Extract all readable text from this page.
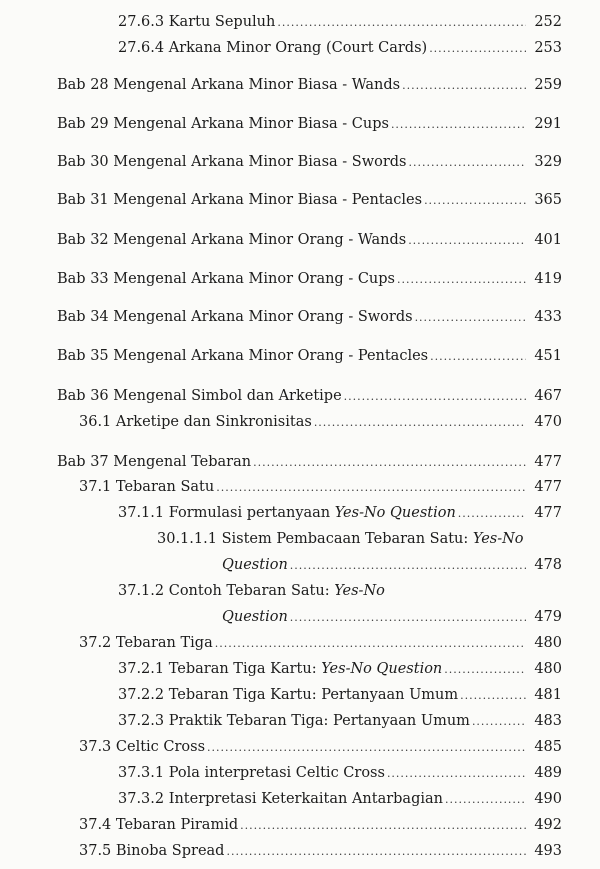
27.6.3 Kartu Sepuluh .....	252
27.6.4 Arkana Minor Orang (Court Cards) .....	253
Bab 28 Mengenal Arkana Minor Biasa - Wands .....	259
Bab 29 Mengenal Arkana Minor Biasa - Cups .....	291
Bab 30 Mengenal Arkana Minor Biasa - Swords .....	329
Bab 31 Mengenal Arkana Minor Biasa - Pentacles .....	365
Bab 32 Mengenal Arkana Minor Orang - Wands .....	401
Bab 33 Mengenal Arkana Minor Orang - Cups .....	419
Bab 34 Mengenal Arkana Minor Orang - Swords .....	433
Bab 35 Mengenal Arkana Minor Orang - Pentacles .....	451
Bab 36 Mengenal Simbol dan Arketipe .....	467
36.1 Arketipe dan Sinkronisitas .....	470
Bab 37 Mengenal Tebaran .....	477
37.1 Tebaran Satu .....	477
37.1.1 Formulasi pertanyaan Yes-No Question .....	477
30.1.1.1 Sistem Pembacaan Tebaran Satu: Yes-No
Question .....	478
37.1.2 Contoh Tebaran Satu: Yes-No
Question .....	479
37.2 Tebaran Tiga .....	480
37.2.1 Tebaran Tiga Kartu: Yes-No Question .....	480
37.2.2 Tebaran Tiga Kartu: Pertanyaan Umum .....	481
37.2.3 Praktik Tebaran Tiga: Pertanyaan Umum .....	483
37.3 Celtic Cross .....	485
37.3.1 Pola interpretasi Celtic Cross .....	489
37.3.2 Interpretasi Keterkaitan Antarbagian .....	490
37.4 Tebaran Piramid .....	492
37.5 Binoba Spread .....	493
